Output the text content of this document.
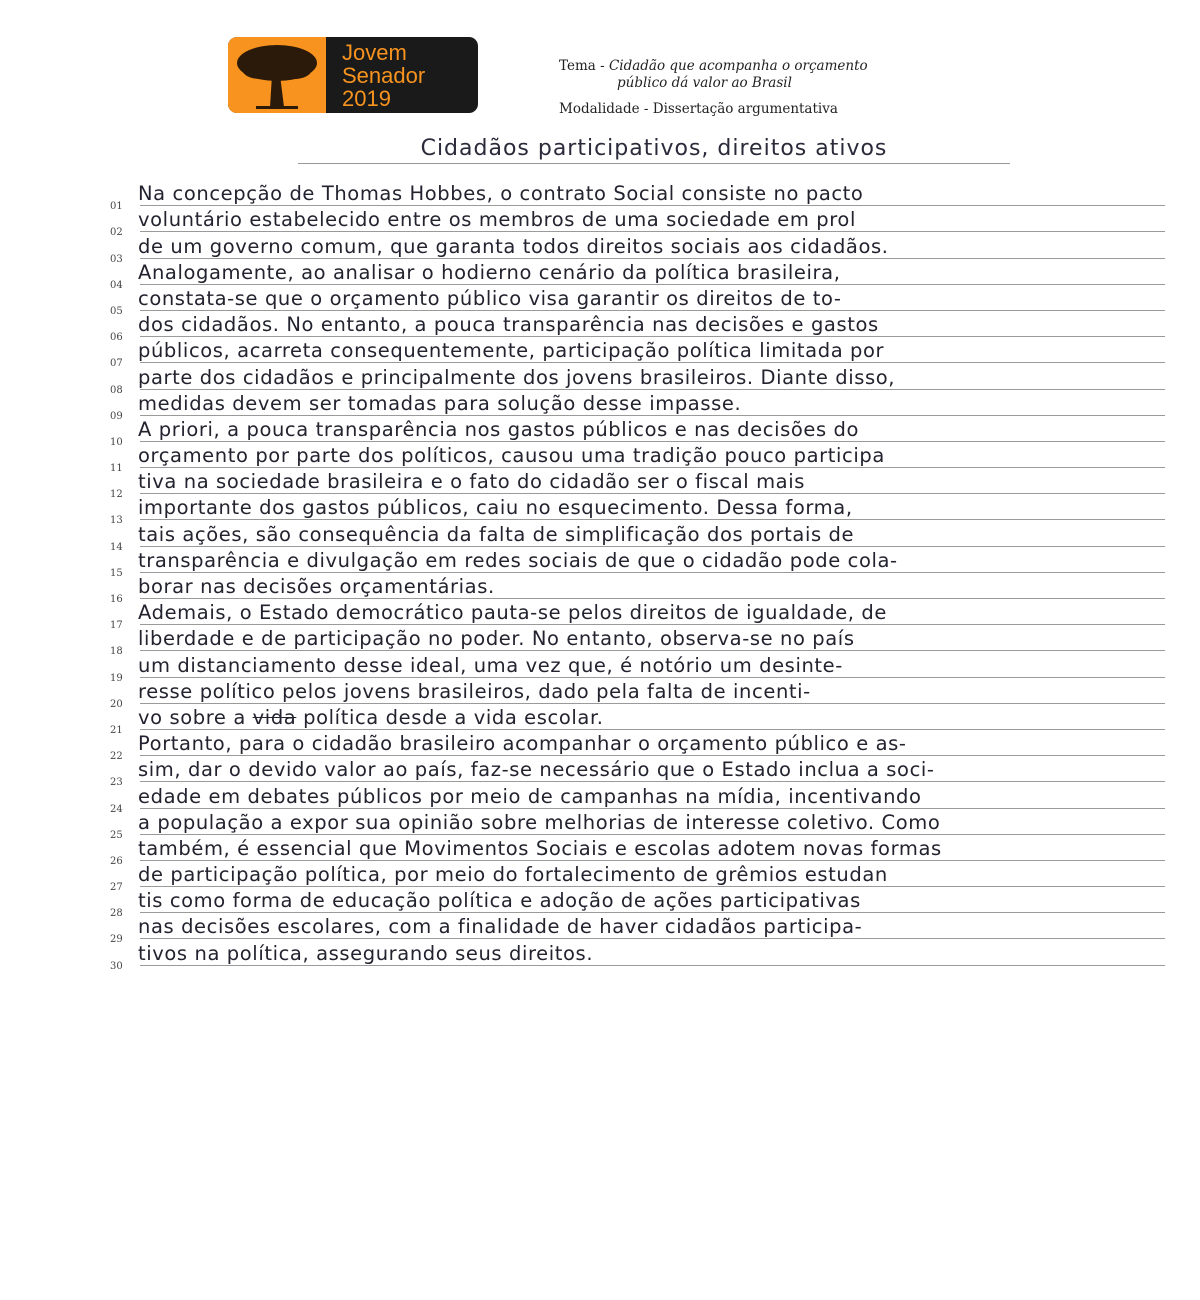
Jovem
Senador
2019
Tema - Cidadão que acompanha o orçamento
público dá valor ao Brasil
Modalidade - Dissertação argumentativa
Cidadãos participativos, direitos ativos
01
Na concepção de Thomas Hobbes, o contrato Social consiste no pacto
02
voluntário estabelecido entre os membros de uma sociedade em prol
03
de um governo comum, que garanta todos direitos sociais aos cidadãos.
04
Analogamente, ao analisar o hodierno cenário da política brasileira,
05
constata-se que o orçamento público visa garantir os direitos de to-
06
dos cidadãos. No entanto, a pouca transparência nas decisões e gastos
07
públicos, acarreta consequentemente, participação política limitada por
08
parte dos cidadãos e principalmente dos jovens brasileiros. Diante disso,
09
medidas devem ser tomadas para solução desse impasse.
10
A priori, a pouca transparência nos gastos públicos e nas decisões do
11
orçamento por parte dos políticos, causou uma tradição pouco participa
12
tiva na sociedade brasileira e o fato do cidadão ser o fiscal mais
13
importante dos gastos públicos, caiu no esquecimento. Dessa forma,
14
tais ações, são consequência da falta de simplificação dos portais de
15
transparência e divulgação em redes sociais de que o cidadão pode cola-
16
borar nas decisões orçamentárias.
17
Ademais, o Estado democrático pauta-se pelos direitos de igualdade, de
18
liberdade e de participação no poder. No entanto, observa-se no país
19
um distanciamento desse ideal, uma vez que, é notório um desinte-
20
resse político pelos jovens brasileiros, dado pela falta de incenti-
21
vo sobre a vida política desde a vida escolar.
22
Portanto, para o cidadão brasileiro acompanhar o orçamento público e as-
23
sim, dar o devido valor ao país, faz-se necessário que o Estado inclua a soci-
24
edade em debates públicos por meio de campanhas na mídia, incentivando
25
a população a expor sua opinião sobre melhorias de interesse coletivo. Como
26
também, é essencial que Movimentos Sociais e escolas adotem novas formas
27
de participação política, por meio do fortalecimento de grêmios estudan
28
tis como forma de educação política e adoção de ações participativas
29
nas decisões escolares, com a finalidade de haver cidadãos participa-
30
tivos na política, assegurando seus direitos.
